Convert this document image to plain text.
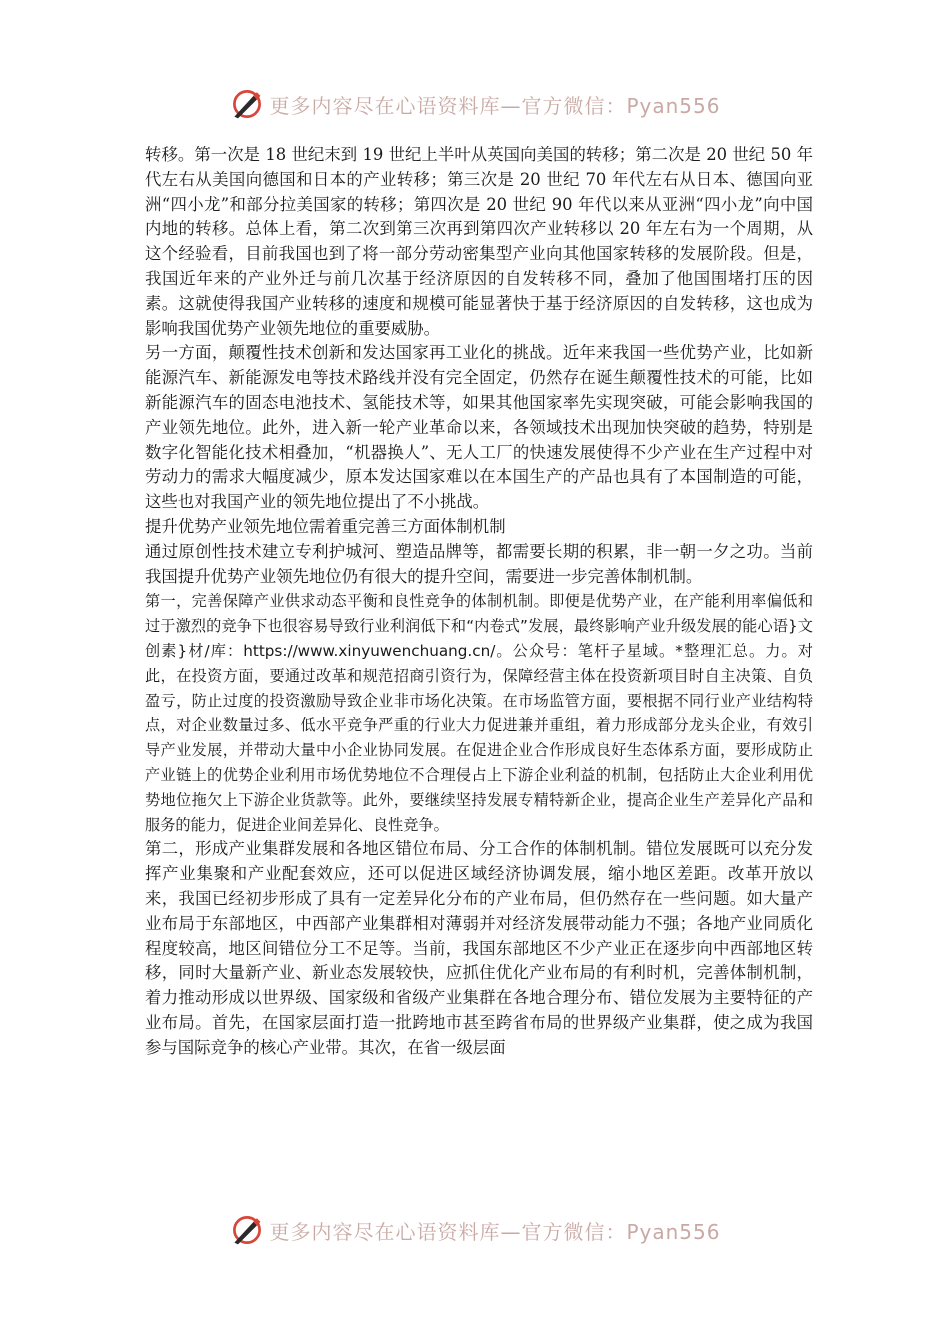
更多内容尽在心语资料库—官方微信：Pyan556

转移。第一次是 18 世纪末到 19 世纪上半叶从英国向美国的转移；第二次是 20 世纪 50 年代左右从美国向德国和日本的产业转移；第三次是 20 世纪 70 年代左右从日本、德国向亚洲“四小龙”和部分拉美国家的转移；第四次是 20 世纪 90 年代以来从亚洲“四小龙”向中国内地的转移。总体上看，第二次到第三次再到第四次产业转移以 20 年左右为一个周期，从这个经验看，目前我国也到了将一部分劳动密集型产业向其他国家转移的发展阶段。但是，我国近年来的产业外迁与前几次基于经济原因的自发转移不同，叠加了他国围堵打压的因素。这就使得我国产业转移的速度和规模可能显著快于基于经济原因的自发转移，这也成为影响我国优势产业领先地位的重要威胁。

另一方面，颠覆性技术创新和发达国家再工业化的挑战。近年来我国一些优势产业，比如新能源汽车、新能源发电等技术路线并没有完全固定，仍然存在诞生颠覆性技术的可能，比如新能源汽车的固态电池技术、氢能技术等，如果其他国家率先实现突破，可能会影响我国的产业领先地位。此外，进入新一轮产业革命以来，各领域技术出现加快突破的趋势，特别是数字化智能化技术相叠加，“机器换人”、无人工厂的快速发展使得不少产业在生产过程中对劳动力的需求大幅度减少，原本发达国家难以在本国生产的产品也具有了本国制造的可能，这些也对我国产业的领先地位提出了不小挑战。

提升优势产业领先地位需着重完善三方面体制机制

通过原创性技术建立专利护城河、塑造品牌等，都需要长期的积累，非一朝一夕之功。当前我国提升优势产业领先地位仍有很大的提升空间，需要进一步完善体制机制。

第一，完善保障产业供求动态平衡和良性竞争的体制机制。即便是优势产业，在产能利用率偏低和过于激烈的竞争下也很容易导致行业利润低下和“内卷式”发展，最终影响产业升级发展的能心语}文创素}材/库：https://www.xinyuwenchuang.cn/。公众号：笔杆子星域。*整理汇总。力。对此，在投资方面，要通过改革和规范招商引资行为，保障经营主体在投资新项目时自主决策、自负盈亏，防止过度的投资激励导致企业非市场化决策。在市场监管方面，要根据不同行业产业结构特点，对企业数量过多、低水平竞争严重的行业大力促进兼并重组，着力形成部分龙头企业，有效引导产业发展，并带动大量中小企业协同发展。在促进企业合作形成良好生态体系方面，要形成防止产业链上的优势企业利用市场优势地位不合理侵占上下游企业利益的机制，包括防止大企业利用优势地位拖欠上下游企业货款等。此外，要继续坚持发展专精特新企业，提高企业生产差异化产品和服务的能力，促进企业间差异化、良性竞争。

第二，形成产业集群发展和各地区错位布局、分工合作的体制机制。错位发展既可以充分发挥产业集聚和产业配套效应，还可以促进区域经济协调发展，缩小地区差距。改革开放以来，我国已经初步形成了具有一定差异化分布的产业布局，但仍然存在一些问题。如大量产业布局于东部地区，中西部产业集群相对薄弱并对经济发展带动能力不强；各地产业同质化程度较高，地区间错位分工不足等。当前，我国东部地区不少产业正在逐步向中西部地区转移，同时大量新产业、新业态发展较快，应抓住优化产业布局的有利时机，完善体制机制，着力推动形成以世界级、国家级和省级产业集群在各地合理分布、错位发展为主要特征的产业布局。首先，在国家层面打造一批跨地市甚至跨省布局的世界级产业集群，使之成为我国参与国际竞争的核心产业带。其次，在省一级层面

更多内容尽在心语资料库—官方微信：Pyan556
